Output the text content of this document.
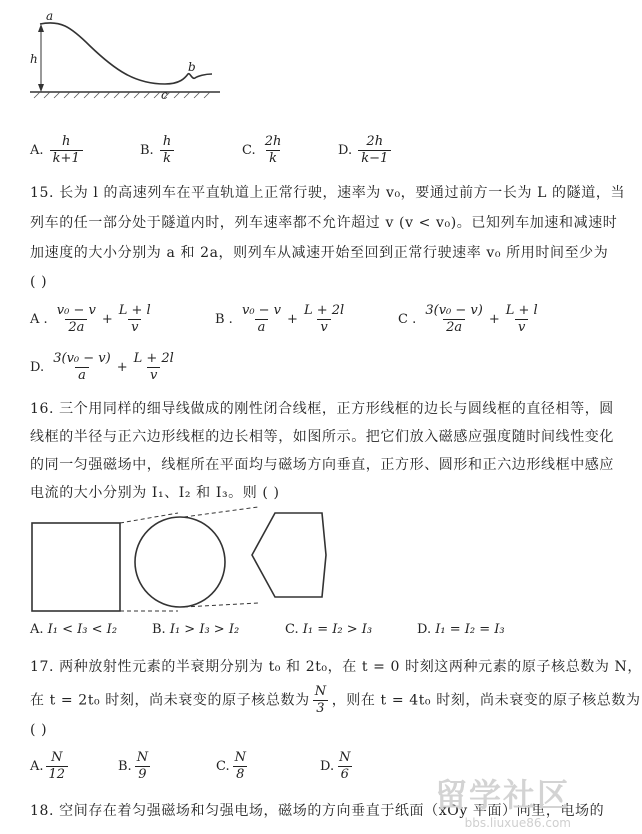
a
h
b
c
A. $\frac{h}{k+1}$	B. $\frac{h}{k}$	C. $\frac{2h}{k}$	D. $\frac{2h}{k-1}$
15. 长为 l 的高速列车在平直轨道上正常行驶，速率为 v₀，要通过前方一长为 L 的隧道，当
列车的任一部分处于隧道内时，列车速率都不允许超过 v (v < v₀)。已知列车加速和减速时
加速度的大小分别为 a 和 2a，则列车从减速开始至回到正常行驶速率 v₀ 所用时间至少为
( )
A . $\frac{\text{v₀ − v}}{2a} + \frac{L + l}{v}$	B . $\frac{\text{v₀ − v}}{a} + \frac{L + 2l}{v}$	C . $\frac{\text{3(v₀ − v)}}{2a} + \frac{L + l}{v}$
D. $\frac{\text{3(v₀ − v)}}{a} + \frac{L + 2l}{v}$
16. 三个用同样的细导线做成的刚性闭合线框，正方形线框的边长与圆线框的直径相等，圆
线框的半径与正六边形线框的边长相等，如图所示。把它们放入磁感应强度随时间线性变化
的同一匀强磁场中，线框所在平面均与磁场方向垂直，正方形、圆形和正六边形线框中感应
电流的大小分别为 I₁、I₂ 和 I₃。则 ( )
A. I₁ < I₃ < I₂	B. I₁ > I₃ > I₂	C. I₁ = I₂ > I₃	D. I₁ = I₂ = I₃
17. 两种放射性元素的半衰期分别为 t₀ 和 2t₀，在 t = 0 时刻这两种元素的原子核总数为 N，
在 t = 2t₀ 时刻，尚未衰变的原子核总数为 $\frac{N}{3}$ ，则在 t = 4t₀ 时刻，尚未衰变的原子核总数为
( )
A. $\frac{N}{12}$	B. $\frac{N}{9}$	C. $\frac{N}{8}$	D. $\frac{N}{6}$
18. 空间存在着匀强磁场和匀强电场，磁场的方向垂直于纸面（xOy 平面）向里，电场的
留学社区
bbs.liuxue86.com
